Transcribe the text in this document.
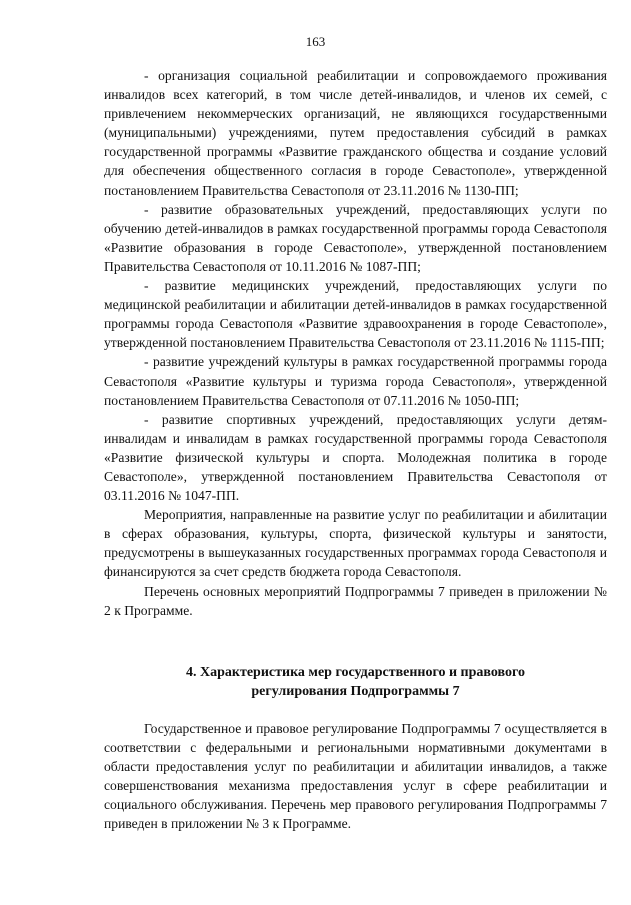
163

- организация социальной реабилитации и сопровождаемого проживания инвалидов всех категорий, в том числе детей-инвалидов, и членов их семей, с привлечением некоммерческих организаций, не являющихся государственными (муниципальными) учреждениями, путем предоставления субсидий в рамках государственной программы «Развитие гражданского общества и создание условий для обеспечения общественного согласия в городе Севастополе», утвержденной постановлением Правительства Севастополя от 23.11.2016 № 1130-ПП;

- развитие образовательных учреждений, предоставляющих услуги по обучению детей-инвалидов в рамках государственной программы города Севастополя «Развитие образования в городе Севастополе», утвержденной постановлением Правительства Севастополя от 10.11.2016 № 1087-ПП;

- развитие медицинских учреждений, предоставляющих услуги по медицинской реабилитации и абилитации детей-инвалидов в рамках государственной программы города Севастополя «Развитие здравоохранения в городе Севастополе», утвержденной постановлением Правительства Севастополя от 23.11.2016 № 1115-ПП;

- развитие учреждений культуры в рамках государственной программы города Севастополя «Развитие культуры и туризма города Севастополя», утвержденной постановлением Правительства Севастополя от 07.11.2016 № 1050-ПП;

- развитие спортивных учреждений, предоставляющих услуги детям-инвалидам и инвалидам в рамках государственной программы города Севастополя «Развитие физической культуры и спорта. Молодежная политика в городе Севастополе», утвержденной постановлением Правительства Севастополя от 03.11.2016 № 1047-ПП.

Мероприятия, направленные на развитие услуг по реабилитации и абилитации в сферах образования, культуры, спорта, физической культуры и занятости, предусмотрены в вышеуказанных государственных программах города Севастополя и финансируются за счет средств бюджета города Севастополя.

Перечень основных мероприятий Подпрограммы 7 приведен в приложении № 2 к Программе.

4. Характеристика мер государственного и правового
регулирования Подпрограммы 7

Государственное и правовое регулирование Подпрограммы 7 осуществляется в соответствии с федеральными и региональными нормативными документами в области предоставления услуг по реабилитации и абилитации инвалидов, а также совершенствования механизма предоставления услуг в сфере реабилитации и социального обслуживания. Перечень мер правового регулирования Подпрограммы 7 приведен в приложении № 3 к Программе.
